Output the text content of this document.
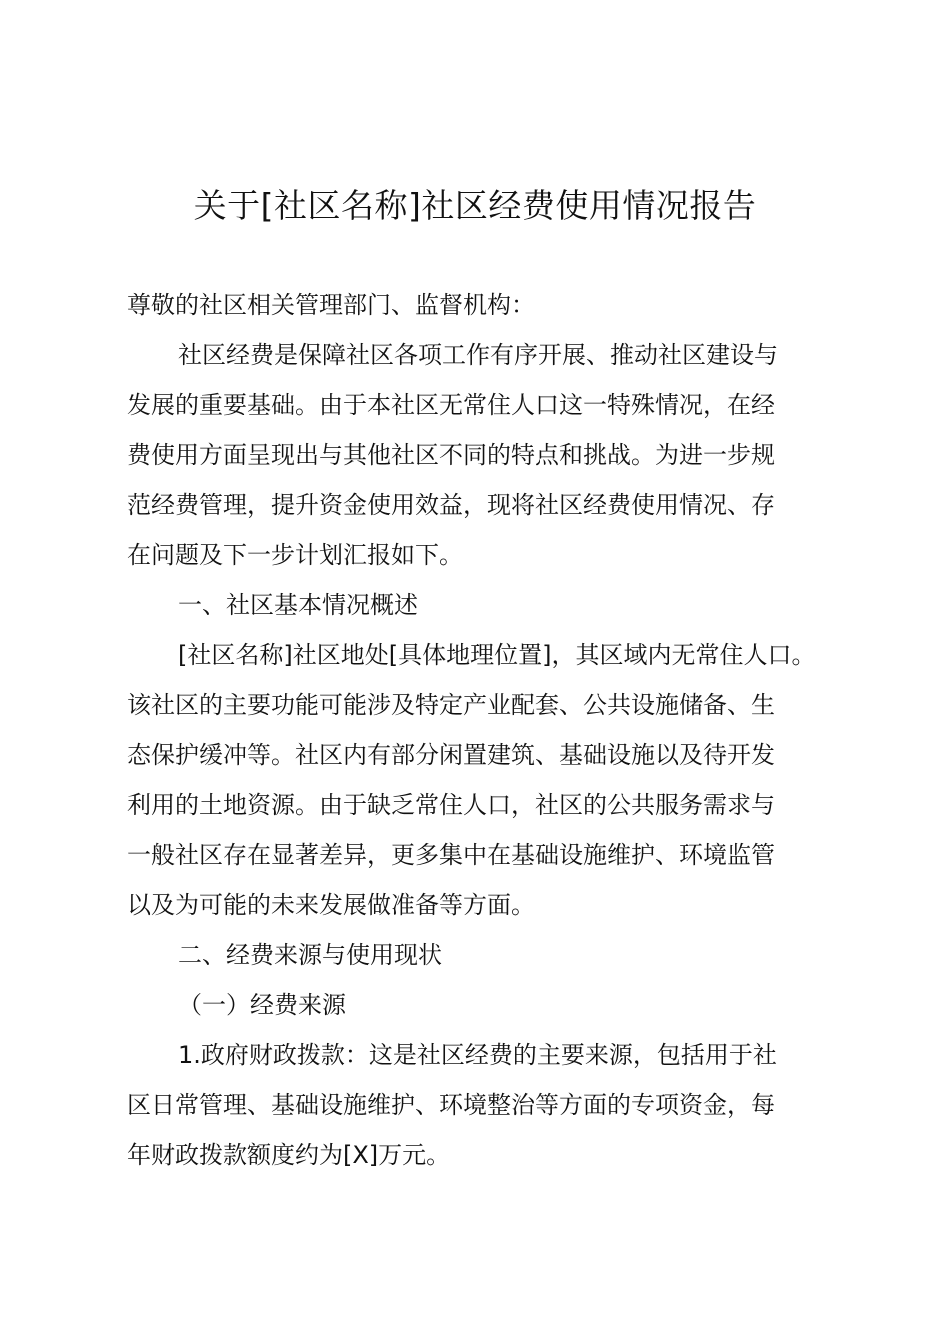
关于[社区名称]社区经费使用情况报告
尊敬的社区相关管理部门、监督机构：
社区经费是保障社区各项工作有序开展、推动社区建设与
发展的重要基础。由于本社区无常住人口这一特殊情况，在经
费使用方面呈现出与其他社区不同的特点和挑战。为进一步规
范经费管理，提升资金使用效益，现将社区经费使用情况、存
在问题及下一步计划汇报如下。
一、社区基本情况概述
[社区名称]社区地处[具体地理位置]，其区域内无常住人口。
该社区的主要功能可能涉及特定产业配套、公共设施储备、生
态保护缓冲等。社区内有部分闲置建筑、基础设施以及待开发
利用的土地资源。由于缺乏常住人口，社区的公共服务需求与
一般社区存在显著差异，更多集中在基础设施维护、环境监管
以及为可能的未来发展做准备等方面。
二、经费来源与使用现状
（一）经费来源
1.政府财政拨款：这是社区经费的主要来源，包括用于社
区日常管理、基础设施维护、环境整治等方面的专项资金，每
年财政拨款额度约为[X]万元。
